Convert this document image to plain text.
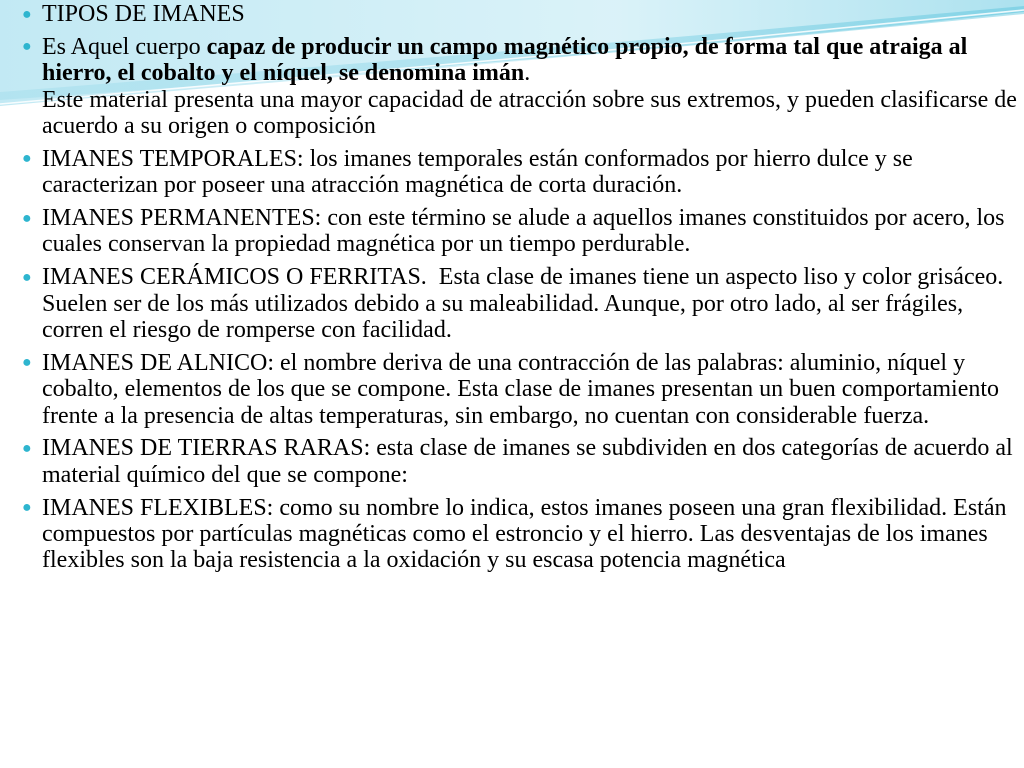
● TIPOS DE IMANES
● Es Aquel cuerpo capaz de producir un campo magnético propio, de forma tal que atraiga al hierro, el cobalto y el níquel, se denomina imán.
Este material presenta una mayor capacidad de atracción sobre sus extremos, y pueden clasificarse de acuerdo a su origen o composición
● IMANES TEMPORALES: los imanes temporales están conformados por hierro dulce y se caracterizan por poseer una atracción magnética de corta duración.
● IMANES PERMANENTES: con este término se alude a aquellos imanes constituidos por acero, los cuales conservan la propiedad magnética por un tiempo perdurable.
● IMANES CERÁMICOS O FERRITAS.  Esta clase de imanes tiene un aspecto liso y color grisáceo.  Suelen ser de los más utilizados debido a su maleabilidad. Aunque, por otro lado, al ser frágiles, corren el riesgo de romperse con facilidad.
● IMANES DE ALNICO: el nombre deriva de una contracción de las palabras: aluminio, níquel y cobalto, elementos de los que se compone. Esta clase de imanes presentan un buen comportamiento frente a la presencia de altas temperaturas, sin embargo, no cuentan con considerable fuerza.
● IMANES DE TIERRAS RARAS: esta clase de imanes se subdividen en dos categorías de acuerdo al material químico del que se compone:
● IMANES FLEXIBLES: como su nombre lo indica, estos imanes poseen una gran flexibilidad. Están compuestos por partículas magnéticas como el estroncio y el hierro. Las desventajas de los imanes flexibles son la baja resistencia a la oxidación y su escasa potencia magnética
